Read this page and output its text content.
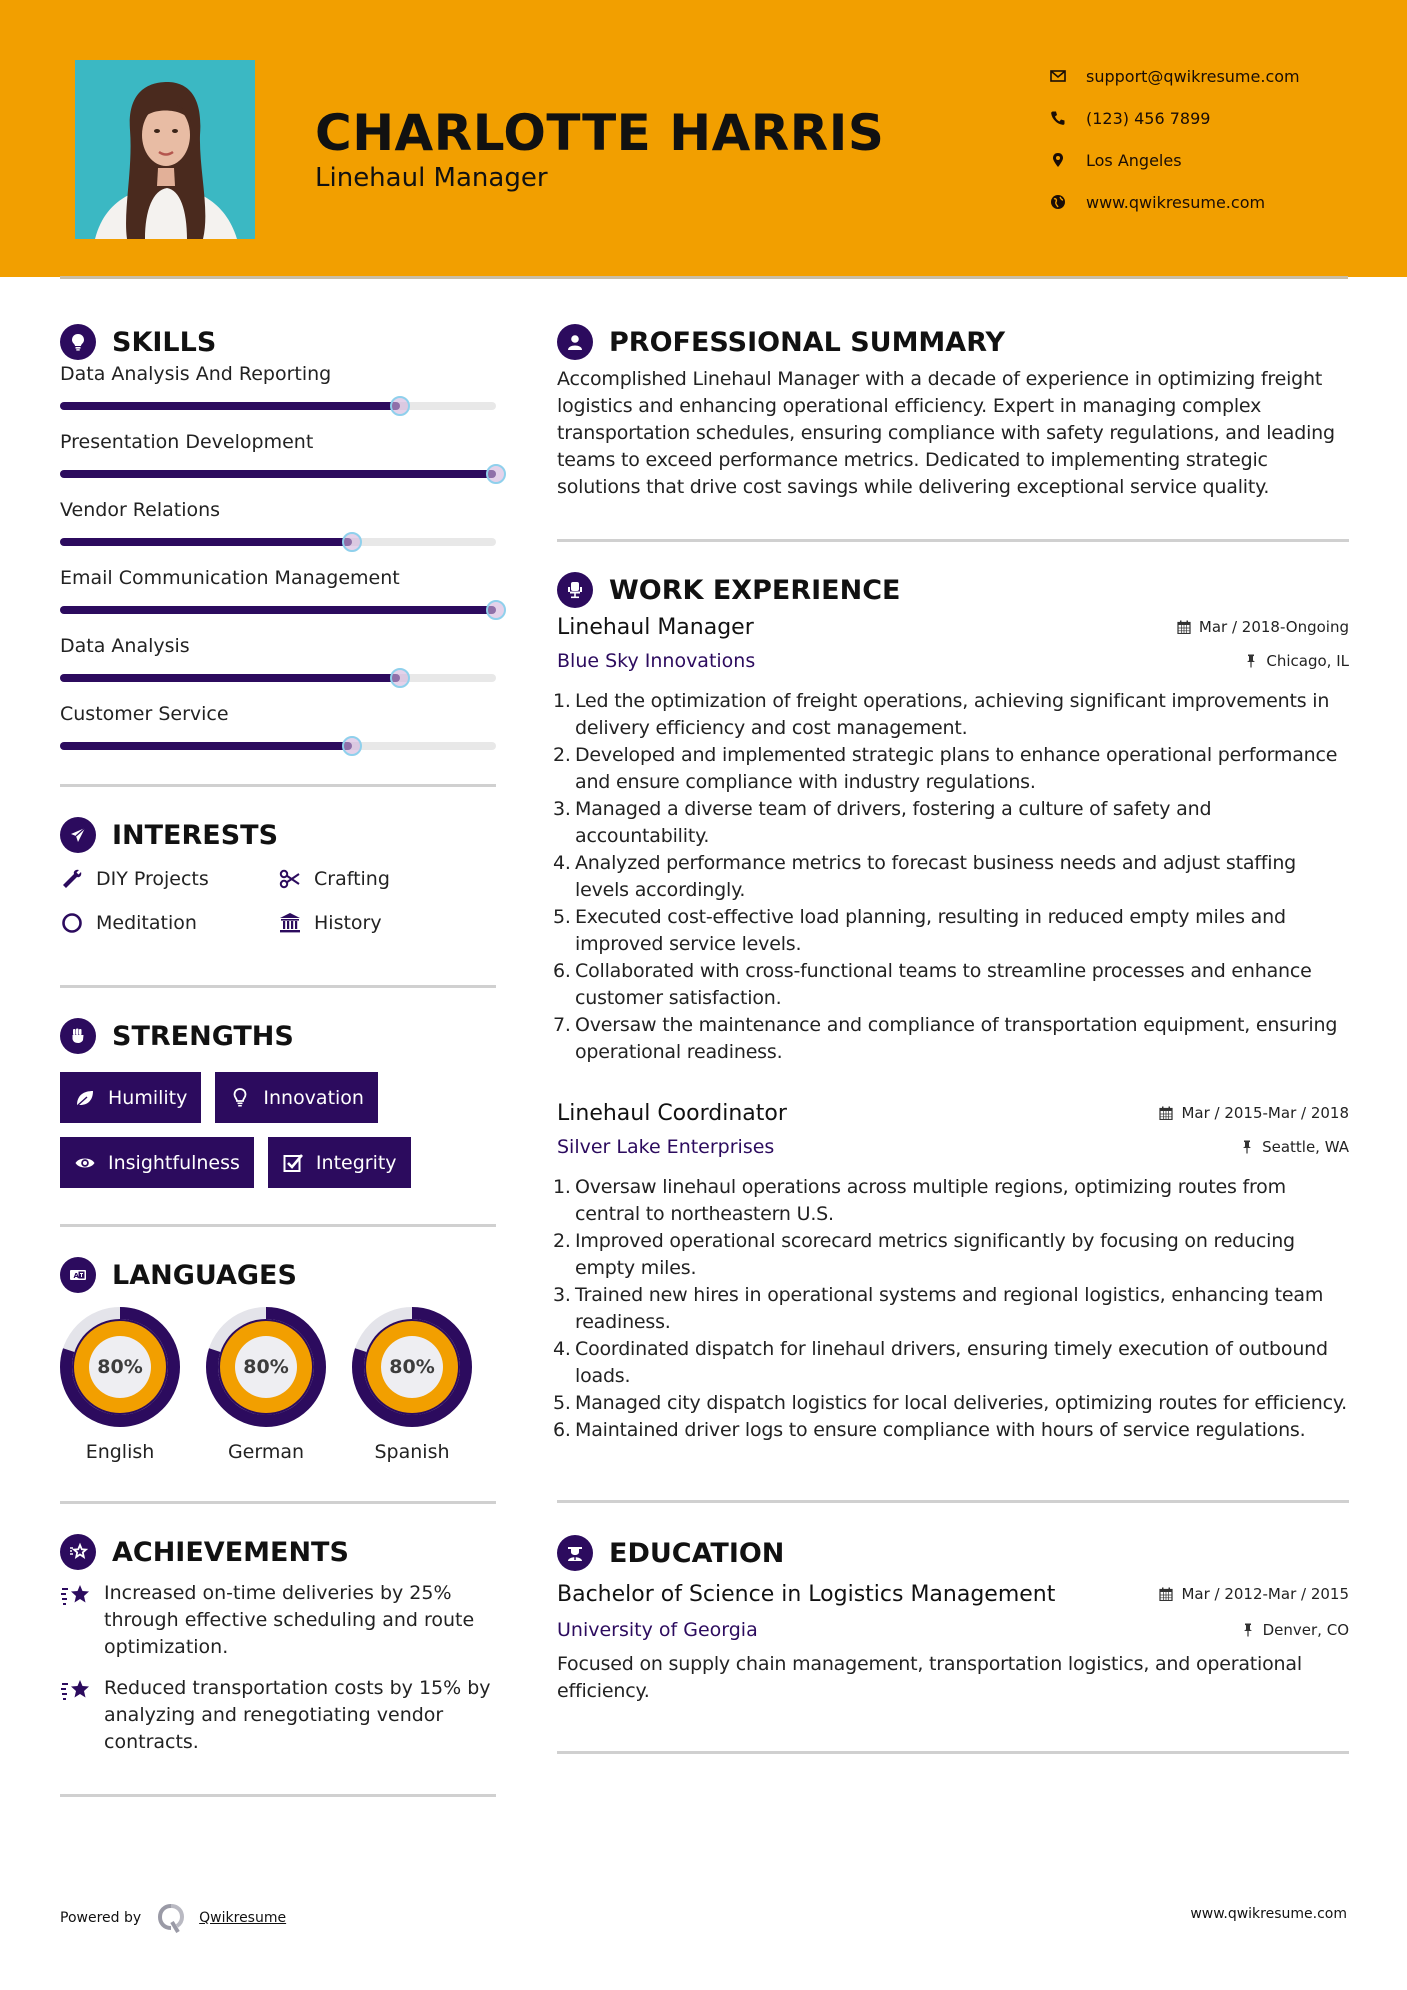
CHARLOTTE HARRIS
Linehaul Manager
support@qwikresume.com
(123) 456 7899
Los Angeles
www.qwikresume.com
SKILLS
Data Analysis And Reporting
Presentation Development
Vendor Relations
Email Communication Management
Data Analysis
Customer Service
INTERESTS
DIY Projects	Crafting
Meditation	History
STRENGTHS
Humility	Innovation
Insightfulness	Integrity
A LANGUAGES
80%
English
80%
German
80%
Spanish
ACHIEVEMENTS
Increased on-time deliveries by 25% through effective scheduling and route optimization.
Reduced transportation costs by 15% by analyzing and renegotiating vendor contracts.
PROFESSIONAL SUMMARY

Accomplished Linehaul Manager with a decade of experience in optimizing freight logistics and enhancing operational efficiency. Expert in managing complex transportation schedules, ensuring compliance with safety regulations, and leading teams to exceed performance metrics. Dedicated to implementing strategic solutions that drive cost savings while delivering exceptional service quality.

WORK EXPERIENCE
Linehaul Manager	Mar / 2018-Ongoing
Blue Sky Innovations	Chicago, IL
1. Led the optimization of freight operations, achieving significant improvements in delivery efficiency and cost management.
2. Developed and implemented strategic plans to enhance operational performance and ensure compliance with industry regulations.
3. Managed a diverse team of drivers, fostering a culture of safety and accountability.
4. Analyzed performance metrics to forecast business needs and adjust staffing levels accordingly.
5. Executed cost-effective load planning, resulting in reduced empty miles and improved service levels.
6. Collaborated with cross-functional teams to streamline processes and enhance customer satisfaction.
7. Oversaw the maintenance and compliance of transportation equipment, ensuring operational readiness.
Linehaul Coordinator	Mar / 2015-Mar / 2018
Silver Lake Enterprises	Seattle, WA
1. Oversaw linehaul operations across multiple regions, optimizing routes from central to northeastern U.S.
2. Improved operational scorecard metrics significantly by focusing on reducing empty miles.
3. Trained new hires in operational systems and regional logistics, enhancing team readiness.
4. Coordinated dispatch for linehaul drivers, ensuring timely execution of outbound loads.
5. Managed city dispatch logistics for local deliveries, optimizing routes for efficiency.
6. Maintained driver logs to ensure compliance with hours of service regulations.
EDUCATION
Bachelor of Science in Logistics Management	Mar / 2012-Mar / 2015
University of Georgia	Denver, CO

Focused on supply chain management, transportation logistics, and operational efficiency.

Powered by	Qwikresume	www.qwikresume.com
